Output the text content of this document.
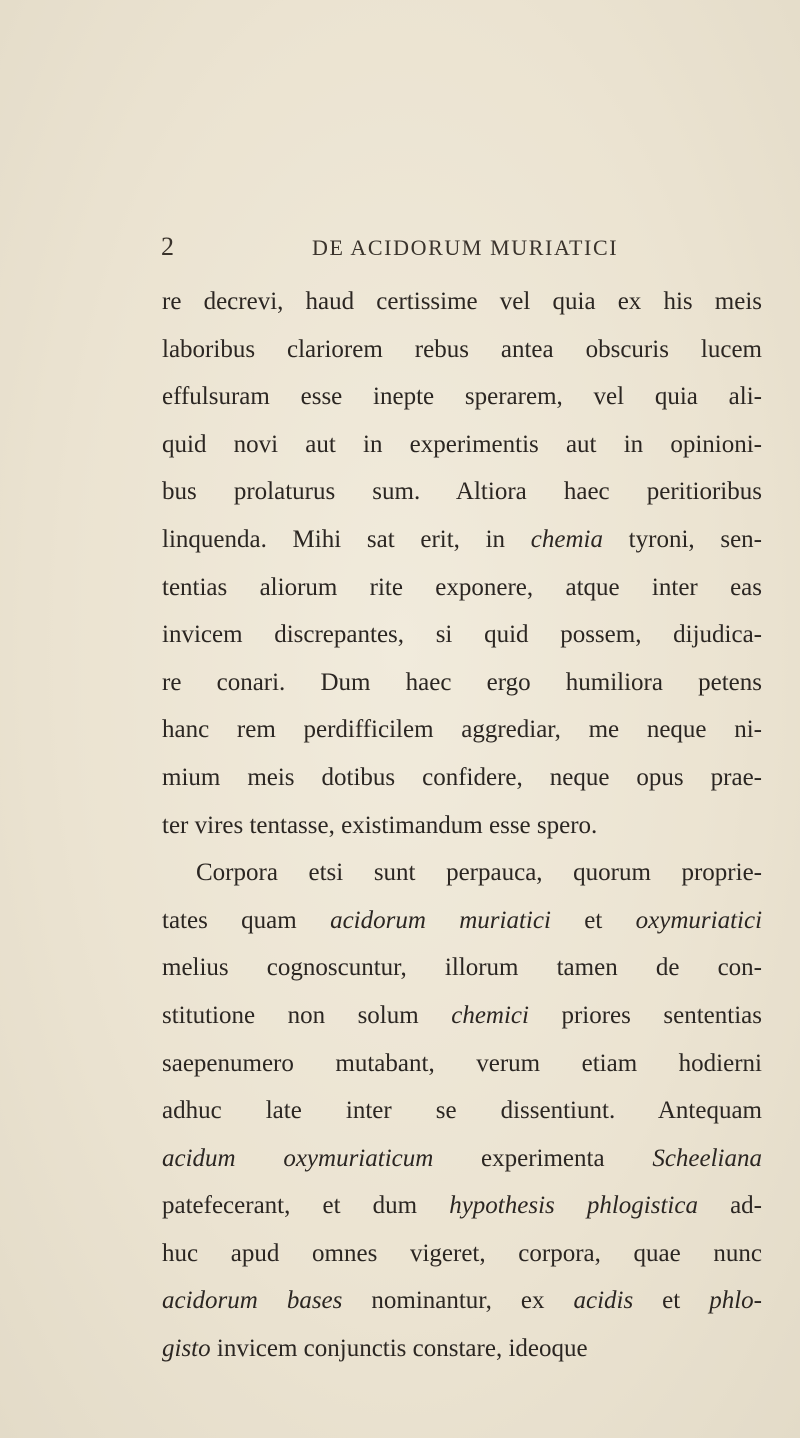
2	DE ACIDORUM MURIATICI
re decrevi, haud certissime vel quia ex his meis
laboribus clariorem rebus antea obscuris lucem
effulsuram esse inepte sperarem, vel quia ali-
quid novi aut in experimentis aut in opinioni-
bus prolaturus sum. Altiora haec peritioribus
linquenda. Mihi sat erit, in chemia tyroni, sen-
tentias aliorum rite exponere, atque inter eas
invicem discrepantes, si quid possem, dijudica-
re conari. Dum haec ergo humiliora petens
hanc rem perdifficilem aggrediar, me neque ni-
mium meis dotibus confidere, neque opus prae-
ter vires tentasse, existimandum esse spero.
Corpora etsi sunt perpauca, quorum proprie-
tates quam acidorum muriatici et oxymuriatici
melius cognoscuntur, illorum tamen de con-
stitutione non solum chemici priores sententias
saepenumero mutabant, verum etiam hodierni
adhuc late inter se dissentiunt. Antequam
acidum oxymuriaticum experimenta Scheeliana
patefecerant, et dum hypothesis phlogistica ad-
huc apud omnes vigeret, corpora, quae nunc
acidorum bases nominantur, ex acidis et phlo-
gisto invicem conjunctis constare, ideoque
